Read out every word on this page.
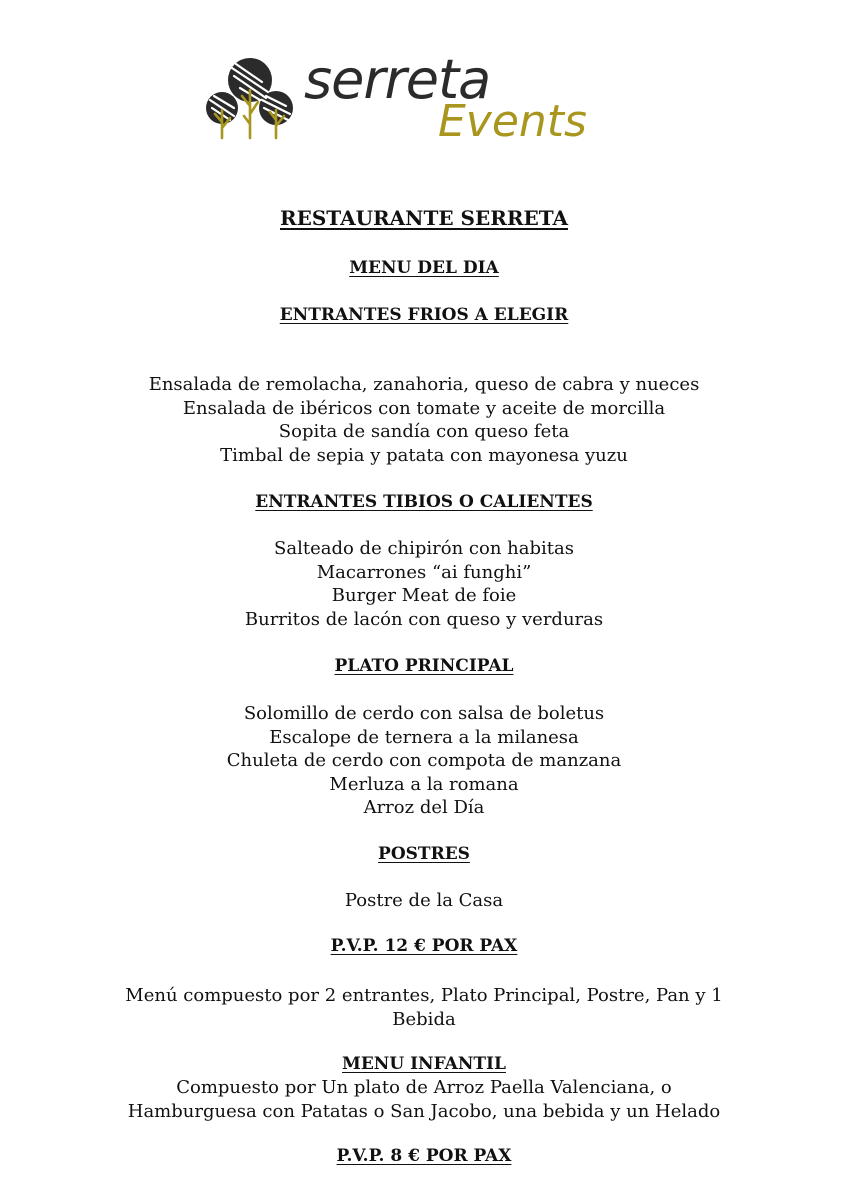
serreta
Events
RESTAURANTE SERRETA
MENU DEL DIA
ENTRANTES FRIOS A ELEGIR
Ensalada de remolacha, zanahoria, queso de cabra y nueces
Ensalada de ibéricos con tomate y aceite de morcilla
Sopita de sandía con queso feta
Timbal de sepia y patata con mayonesa yuzu
ENTRANTES TIBIOS O CALIENTES
Salteado de chipirón con habitas
Macarrones “ai funghi”
Burger Meat de foie
Burritos de lacón con queso y verduras
PLATO PRINCIPAL
Solomillo de cerdo con salsa de boletus
Escalope de ternera a la milanesa
Chuleta de cerdo con compota de manzana
Merluza a la romana
Arroz del Día
POSTRES
Postre de la Casa
P.V.P. 12 € POR PAX

Menú compuesto por 2 entrantes, Plato Principal, Postre, Pan y 1 Bebida

MENU INFANTIL

Compuesto por Un plato de Arroz Paella Valenciana, o Hamburguesa con Patatas o San Jacobo, una bebida y un Helado

P.V.P. 8 € POR PAX
